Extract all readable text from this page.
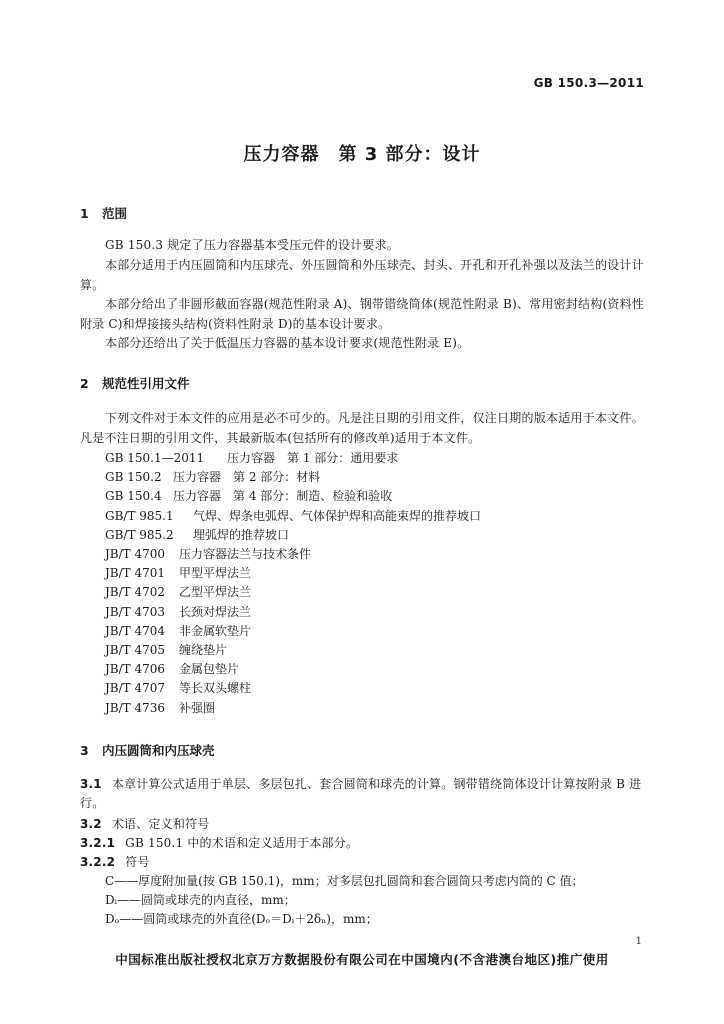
GB 150.3—2011
压力容器　第 3 部分：设计
1 范围
GB 150.3 规定了压力容器基本受压元件的设计要求。
本部分适用于内压圆筒和内压球壳、外压圆筒和外压球壳、封头、开孔和开孔补强以及法兰的设计计算。
本部分给出了非圆形截面容器(规范性附录 A)、钢带错绕筒体(规范性附录 B)、常用密封结构(资料性附录 C)和焊接接头结构(资料性附录 D)的基本设计要求。
本部分还给出了关于低温压力容器的基本设计要求(规范性附录 E)。
2 规范性引用文件
下列文件对于本文件的应用是必不可少的。凡是注日期的引用文件，仅注日期的版本适用于本文件。凡是不注日期的引用文件，其最新版本(包括所有的修改单)适用于本文件。
GB 150.1—2011 压力容器　第 1 部分：通用要求
GB 150.2 压力容器　第 2 部分：材料
GB 150.4 压力容器　第 4 部分：制造、检验和验收
GB/T 985.1 气焊、焊条电弧焊、气体保护焊和高能束焊的推荐坡口
GB/T 985.2 埋弧焊的推荐坡口
JB/T 4700 压力容器法兰与技术条件
JB/T 4701 甲型平焊法兰
JB/T 4702 乙型平焊法兰
JB/T 4703 长颈对焊法兰
JB/T 4704 非金属软垫片
JB/T 4705 缠绕垫片
JB/T 4706 金属包垫片
JB/T 4707 等长双头螺柱
JB/T 4736 补强圈
3 内压圆筒和内压球壳
3.1 本章计算公式适用于单层、多层包扎、套合圆筒和球壳的计算。钢带错绕筒体设计计算按附录 B 进行。
3.2 术语、定义和符号
3.2.1 GB 150.1 中的术语和定义适用于本部分。
3.2.2 符号
C——厚度附加量(按 GB 150.1)，mm；对多层包扎圆筒和套合圆筒只考虑内筒的 C 值；
Dᵢ——圆筒或球壳的内直径，mm；
Dₒ——圆筒或球壳的外直径(Dₒ＝Dᵢ＋2δₙ)，mm；
1
中国标准出版社授权北京万方数据股份有限公司在中国境内(不含港澳台地区)推广使用
